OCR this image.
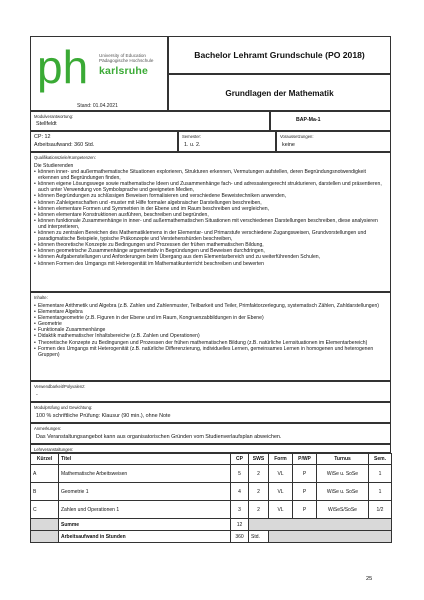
ph University of Education
Pädagogische Hochschule
karlsruhe
Stand: 01.04.2021
Bachelor Lehramt Grundschule (PO 2018)
Grundlagen der Mathematik
Modulverantwortung:
Stellfeldt
BAP-Ma-1
CP: 12
Arbeitsaufwand: 360 Std.
Semester:
1. u. 2.
Voraussetzungen:
keine
Qualifikationsziele/Kompetenzen:
Die Studierenden
• können inner- und außermathematische Situationen explorieren, Strukturen erkennen, Vermutungen aufstellen, deren Begründungsnotwendigkeit erkennen und Begründungen finden,
• können eigene Lösungswege sowie mathematische Ideen und Zusammenhänge fach- und adressatengerecht strukturieren, darstellen und präsentieren, auch unter Verwendung von Symbolsprache und geeigneten Medien,
• können Begründungen zu schlüssigen Beweisen formalisieren und verschiedene Beweistechniken anwenden,
• können Zahleigenschaften und -muster mit Hilfe formaler algebraischer Darstellungen beschreiben,
• können elementare Formen und Symmetrien in der Ebene und im Raum beschreiben und vergleichen,
• können elementare Konstruktionen ausführen, beschreiben und begründen,
• können funktionale Zusammenhänge in inner- und außermathematischen Situationen mit verschiedenen Darstellungen beschreiben, diese analysieren und interpretieren,
• können zu zentralen Bereichen des Mathematiklernens in der Elementar- und Primarstufe verschiedene Zugangsweisen, Grundvorstellungen und paradigmatische Beispiele, typische Präkonzepte und Verstehenshürden beschreiben,
• können theoretische Konzepte zu Bedingungen und Prozessen der frühen mathematischen Bildung,
• können geometrische Zusammenhänge argumentativ in Begründungen und Beweisen durchdringen,
• können Aufgabenstellungen und Anforderungen beim Übergang aus dem Elementarbereich und zu weiterführenden Schulen,
• können Formen des Umgangs mit Heterogenität im Mathematikunterricht beschreiben und bewerten
Inhalte:
• Elementare Arithmetik und Algebra (z.B. Zahlen und Zahlenmuster, Teilbarkeit und Teiler, Primfaktorzerlegung, systematisch Zählen, Zahldarstellungen)
• Elementare Algebra
• Elementargeometrie (z.B. Figuren in der Ebene und im Raum, Kongruenzabbildungen in der Ebene)
• Geometrie
• Funktionale Zusammenhänge
• Didaktik mathematischer Inhaltsbereiche (z.B. Zahlen und Operationen)
• Theoretische Konzepte zu Bedingungen und Prozessen der frühen mathematischen Bildung (z.B. natürliche Lernsituationen im Elementarbereich)
• Formen des Umgangs mit Heterogenität (z.B. natürliche Differenzierung, individuelles Lernen, gemeinsames Lernen in homogenen und heterogenen Gruppen)
Verwendbarkeit/Polyvalenz:
-
Modulprüfung und Gewichtung:
100 % schriftliche Prüfung: Klausur (90 min.), ohne Note
Anmerkungen:
Das Veranstaltungsangebot kann aus organisatorischen Gründen vom Studienverlaufsplan abweichen.
Lehrveranstaltungen:
Kürzel	Titel	CP	SWS	Form	P/WP	Turnus	Sem.
A	Mathematische Arbeitsweisen	5	2	VL	P	WiSe u. SoSe	1
B	Geometrie 1	4	2	VL	P	WiSe u. SoSe	1
C	Zahlen und Operationen 1	3	2	VL	P	WiSeS/SoSe	1/2
	Summe	12					
	Arbeitsaufwand in Stunden	360	Std.				
25
